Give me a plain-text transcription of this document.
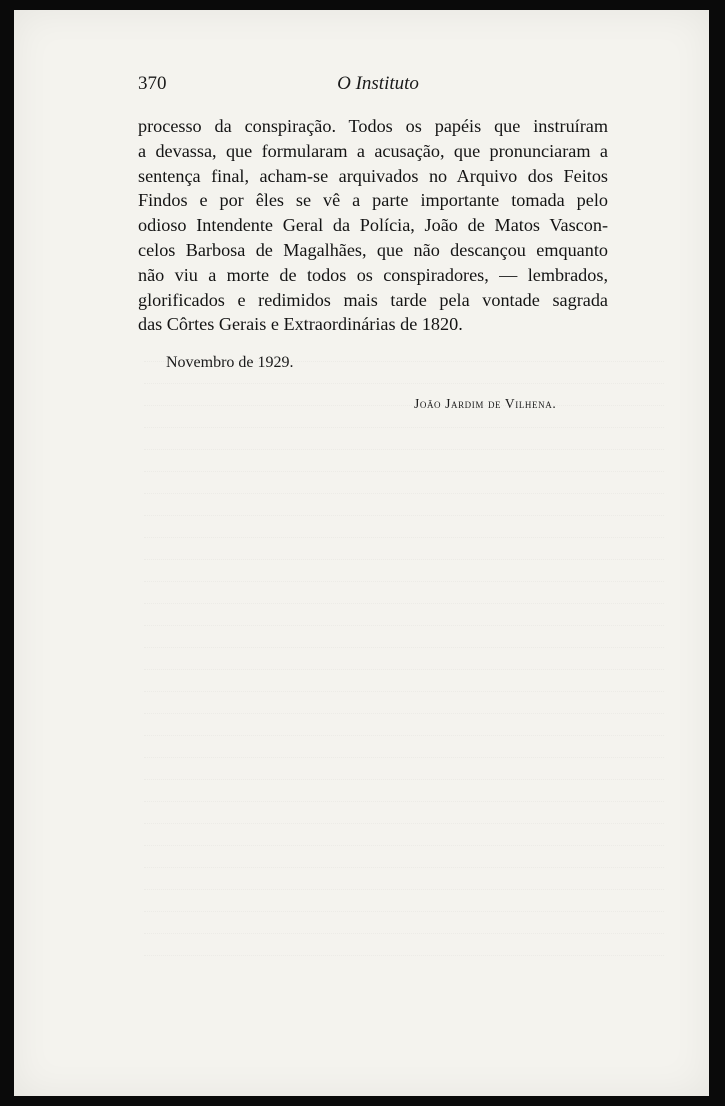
370	O Instituto
processo da conspiração. Todos os papéis que instruíram
a devassa, que formularam a acusação, que pronunciaram a
sentença final, acham-se arquivados no Arquivo dos Feitos
Findos e por êles se vê a parte importante tomada pelo
odioso Intendente Geral da Polícia, João de Matos Vascon-
celos Barbosa de Magalhães, que não descançou emquanto
não viu a morte de todos os conspiradores, — lembrados,
glorificados e redimidos mais tarde pela vontade sagrada
das Côrtes Gerais e Extraordinárias de 1820.
Novembro de 1929.
João Jardim de Vilhena.
